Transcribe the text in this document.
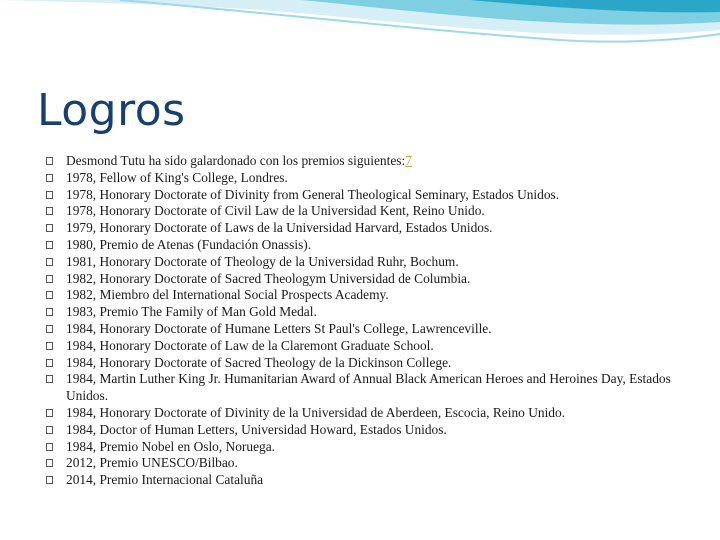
Logros
Desmond Tutu ha sido galardonado con los premios siguientes:7
1978, Fellow of King's College, Londres.
1978, Honorary Doctorate of Divinity from General Theological Seminary, Estados Unidos.
1978, Honorary Doctorate of Civil Law de la Universidad Kent, Reino Unido.
1979, Honorary Doctorate of Laws de la Universidad Harvard, Estados Unidos.
1980, Premio de Atenas (Fundación Onassis).
1981, Honorary Doctorate of Theology de la Universidad Ruhr, Bochum.
1982, Honorary Doctorate of Sacred Theologym Universidad de Columbia.
1982, Miembro del International Social Prospects Academy.
1983, Premio The Family of Man Gold Medal.
1984, Honorary Doctorate of Humane Letters St Paul's College, Lawrenceville.
1984, Honorary Doctorate of Law de la Claremont Graduate School.
1984, Honorary Doctorate of Sacred Theology de la Dickinson College.
1984, Martin Luther King Jr. Humanitarian Award of Annual Black American Heroes and Heroines Day, Estados Unidos.
1984, Honorary Doctorate of Divinity de la Universidad de Aberdeen, Escocia, Reino Unido.
1984, Doctor of Human Letters, Universidad Howard, Estados Unidos.
1984, Premio Nobel en Oslo, Noruega.
2012, Premio UNESCO/Bilbao.
2014, Premio Internacional Cataluña
